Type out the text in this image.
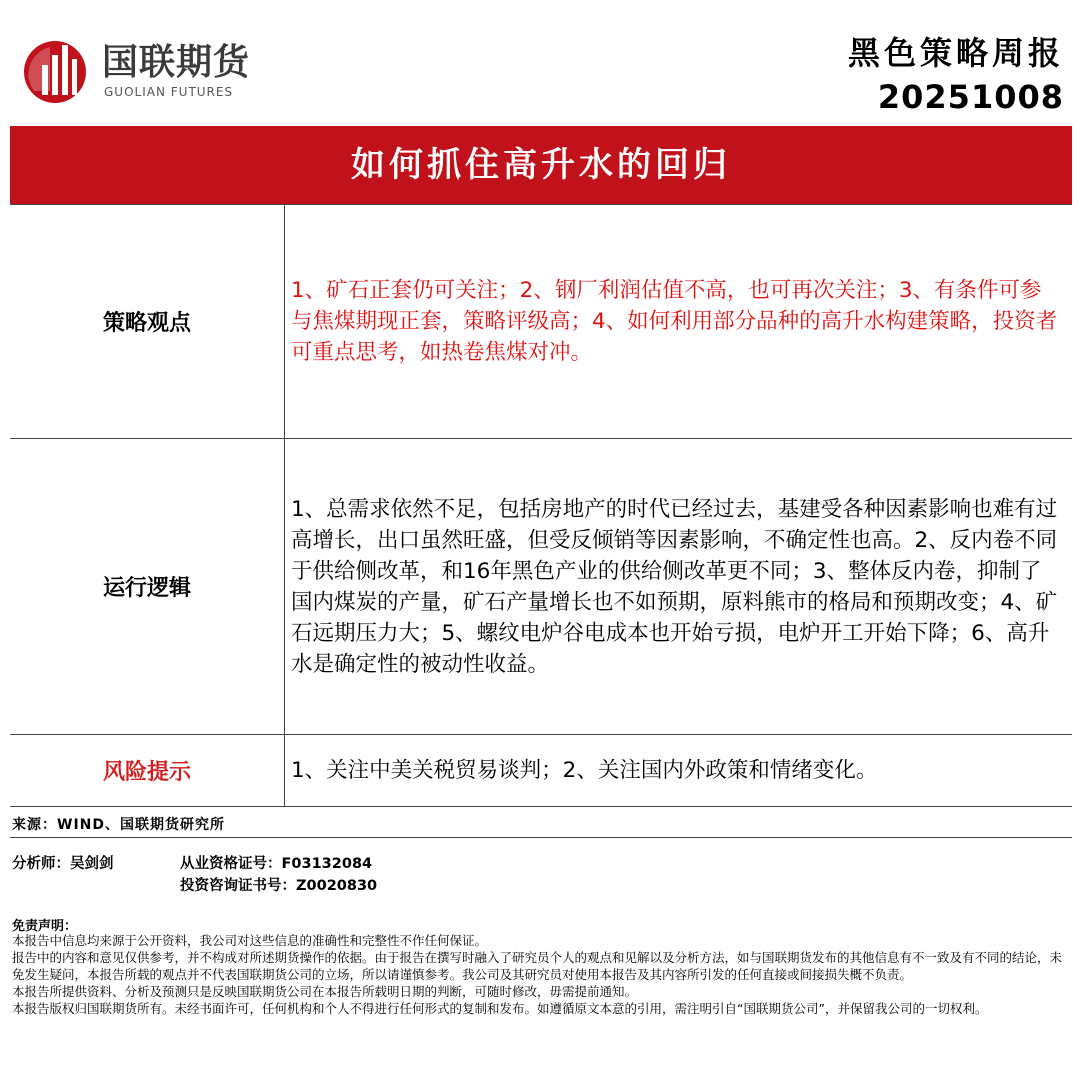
国联期货
GUOLIAN FUTURES
黑色策略周报
20251008
如何抓住高升水的回归
策略观点	1、矿石正套仍可关注；2、钢厂利润估值不高，也可再次关注；3、有条件可参与焦煤期现正套，策略评级高；4、如何利用部分品种的高升水构建策略，投资者可重点思考，如热卷焦煤对冲。
运行逻辑	1、总需求依然不足，包括房地产的时代已经过去，基建受各种因素影响也难有过高增长，出口虽然旺盛，但受反倾销等因素影响，不确定性也高。2、反内卷不同于供给侧改革，和16年黑色产业的供给侧改革更不同；3、整体反内卷，抑制了国内煤炭的产量，矿石产量增长也不如预期，原料熊市的格局和预期改变；4、矿石远期压力大；5、螺纹电炉谷电成本也开始亏损，电炉开工开始下降；6、高升水是确定性的被动性收益。
风险提示	1、关注中美关税贸易谈判；2、关注国内外政策和情绪变化。
来源：WIND、国联期货研究所
分析师：吴剑剑	从业资格证号：F03132084
投资咨询证书号：Z0020830
免责声明：

本报告中信息均来源于公开资料，我公司对这些信息的准确性和完整性不作任何保证。

报告中的内容和意见仅供参考，并不构成对所述期货操作的依据。由于报告在撰写时融入了研究员个人的观点和见解以及分析方法，如与国联期货发布的其他信息有不一致及有不同的结论，未免发生疑问，本报告所载的观点并不代表国联期货公司的立场，所以请谨慎参考。我公司及其研究员对使用本报告及其内容所引发的任何直接或间接损失概不负责。

本报告所提供资料、分析及预测只是反映国联期货公司在本报告所载明日期的判断，可随时修改，毋需提前通知。

本报告版权归国联期货所有。未经书面许可，任何机构和个人不得进行任何形式的复制和发布。如遵循原文本意的引用，需注明引自“国联期货公司”，并保留我公司的一切权利。
